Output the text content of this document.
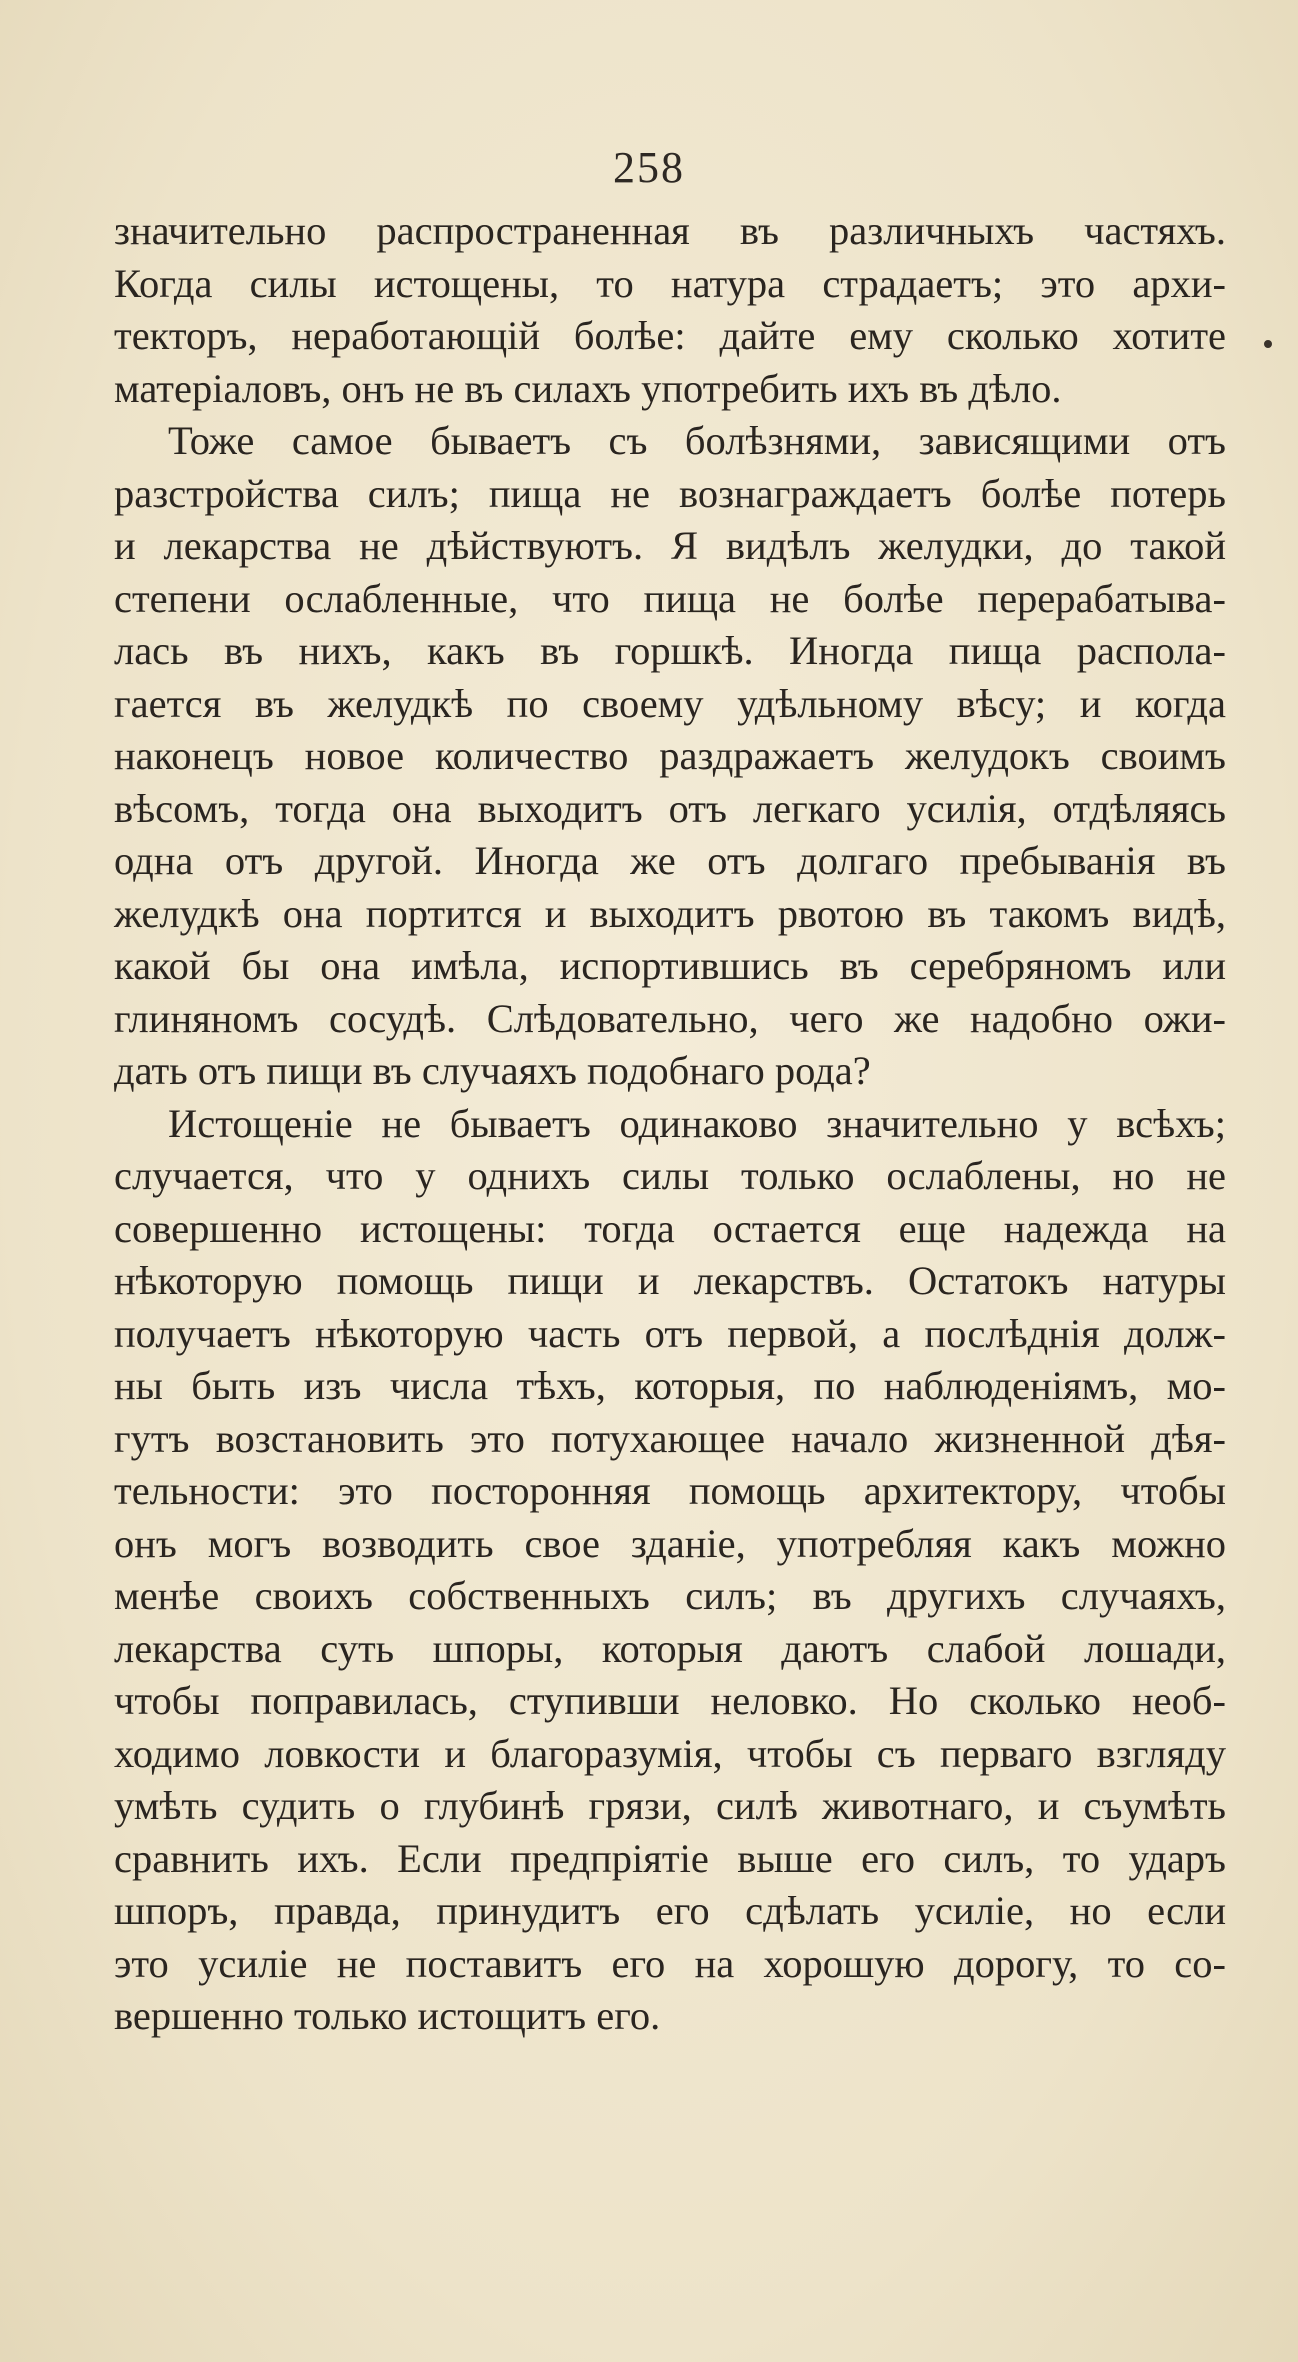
258
значительно распространенная въ различныхъ частяхъ.
Когда силы истощены, то натура страдаетъ; это архи-
текторъ, неработающій болѣе: дайте ему сколько хотите
матеріаловъ, онъ не въ силахъ употребить ихъ въ дѣло.
Тоже самое бываетъ съ болѣзнями, зависящими отъ
разстройства силъ; пища не вознаграждаетъ болѣе потерь
и лекарства не дѣйствуютъ. Я видѣлъ желудки, до такой
степени ослабленные, что пища не болѣе перерабатыва-
лась въ нихъ, какъ въ горшкѣ. Иногда пища распола-
гается въ желудкѣ по своему удѣльному вѣсу; и когда
наконецъ новое количество раздражаетъ желудокъ своимъ
вѣсомъ, тогда она выходитъ отъ легкаго усилія, отдѣляясь
одна отъ другой. Иногда же отъ долгаго пребыванія въ
желудкѣ она портится и выходитъ рвотою въ такомъ видѣ,
какой бы она имѣла, испортившись въ серебряномъ или
глиняномъ сосудѣ. Слѣдовательно, чего же надобно ожи-
дать отъ пищи въ случаяхъ подобнаго рода?
Истощеніе не бываетъ одинаково значительно у всѣхъ;
случается, что у однихъ силы только ослаблены, но не
совершенно истощены: тогда остается еще надежда на
нѣкоторую помощь пищи и лекарствъ. Остатокъ натуры
получаетъ нѣкоторую часть отъ первой, а послѣднія долж-
ны быть изъ числа тѣхъ, которыя, по наблюденіямъ, мо-
гутъ возстановить это потухающее начало жизненной дѣя-
тельности: это посторонняя помощь архитектору, чтобы
онъ могъ возводить свое зданіе, употребляя какъ можно
менѣе своихъ собственныхъ силъ; въ другихъ случаяхъ,
лекарства суть шпоры, которыя даютъ слабой лошади,
чтобы поправилась, ступивши неловко. Но сколько необ-
ходимо ловкости и благоразумія, чтобы съ перваго взгляду
умѣть судить о глубинѣ грязи, силѣ животнаго, и съумѣть
сравнить ихъ. Если предпріятіе выше его силъ, то ударъ
шпоръ, правда, принудитъ его сдѣлать усиліе, но если
это усиліе не поставитъ его на хорошую дорогу, то со-
вершенно только истощитъ его.
